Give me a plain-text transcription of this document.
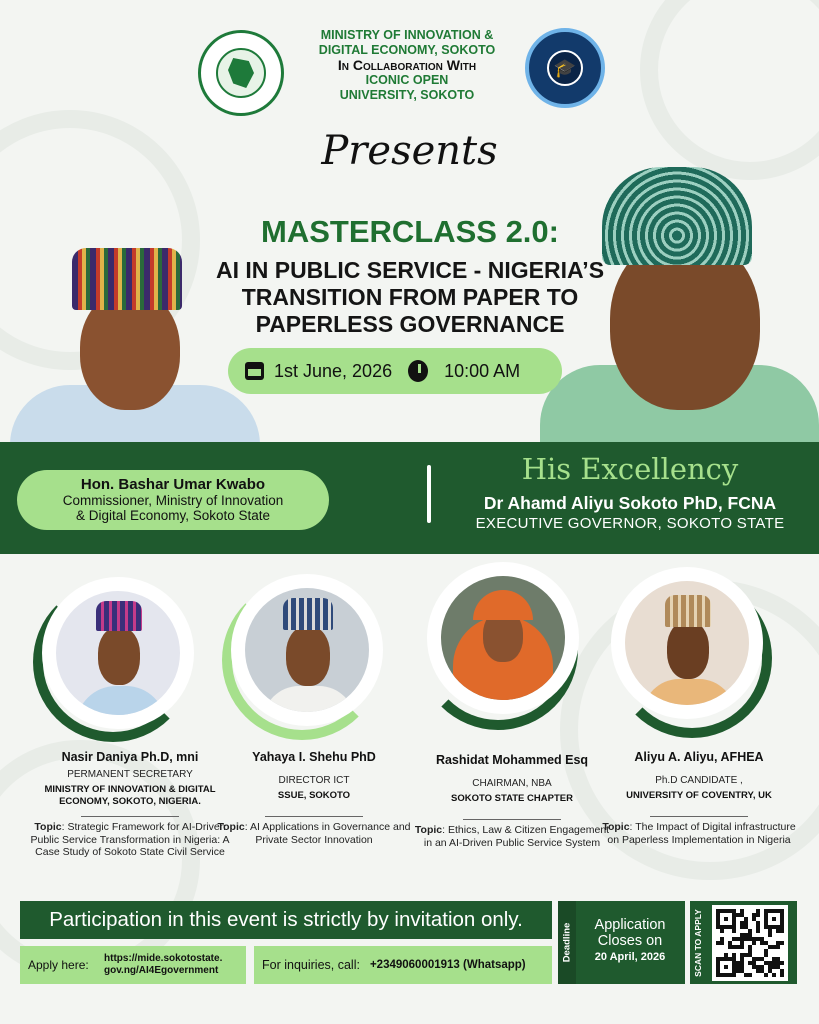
MINISTRY OF INNOVATION &
DIGITAL ECONOMY, SOKOTO
In Collaboration With
ICONIC OPEN
UNIVERSITY, SOKOTO
🎓
Presents
MASTERCLASS 2.0:
AI IN PUBLIC SERVICE - NIGERIA’S
TRANSITION FROM PAPER TO
PAPERLESS GOVERNANCE
1st June, 2026	10:00 AM
Hon. Bashar Umar Kwabo
Commissioner, Ministry of Innovation
& Digital Economy, Sokoto State
His Excellency
Dr Ahamd Aliyu Sokoto PhD, FCNA
EXECUTIVE GOVERNOR, SOKOTO STATE
Nasir Daniya Ph.D, mni
PERMANENT SECRETARY
MINISTRY OF INNOVATION & DIGITAL
ECONOMY, SOKOTO, NIGERIA.
Topic: Strategic Framework for AI-Driven Public Service Transformation in Nigeria: A Case Study of Sokoto State Civil Service
Yahaya I. Shehu PhD
DIRECTOR ICT
SSUE, SOKOTO
Topic: AI Applications in Governance and Private Sector Innovation
Rashidat Mohammed Esq
CHAIRMAN, NBA
SOKOTO STATE CHAPTER
Topic: Ethics, Law & Citizen Engagement in an AI-Driven Public Service System
Aliyu A. Aliyu, AFHEA
Ph.D CANDIDATE ,
UNIVERSITY OF COVENTRY, UK
Topic: The Impact of Digital infrastructure on Paperless Implementation in Nigeria
Participation in this event is strictly by invitation only.
Apply here:	https://mide.sokotostate.
gov.ng/AI4Egovernment	For inquiries, call: +2349060001913 (Whatsapp)
Deadline	Application
Closes on
20 April, 2026	SCAN TO APPLY
